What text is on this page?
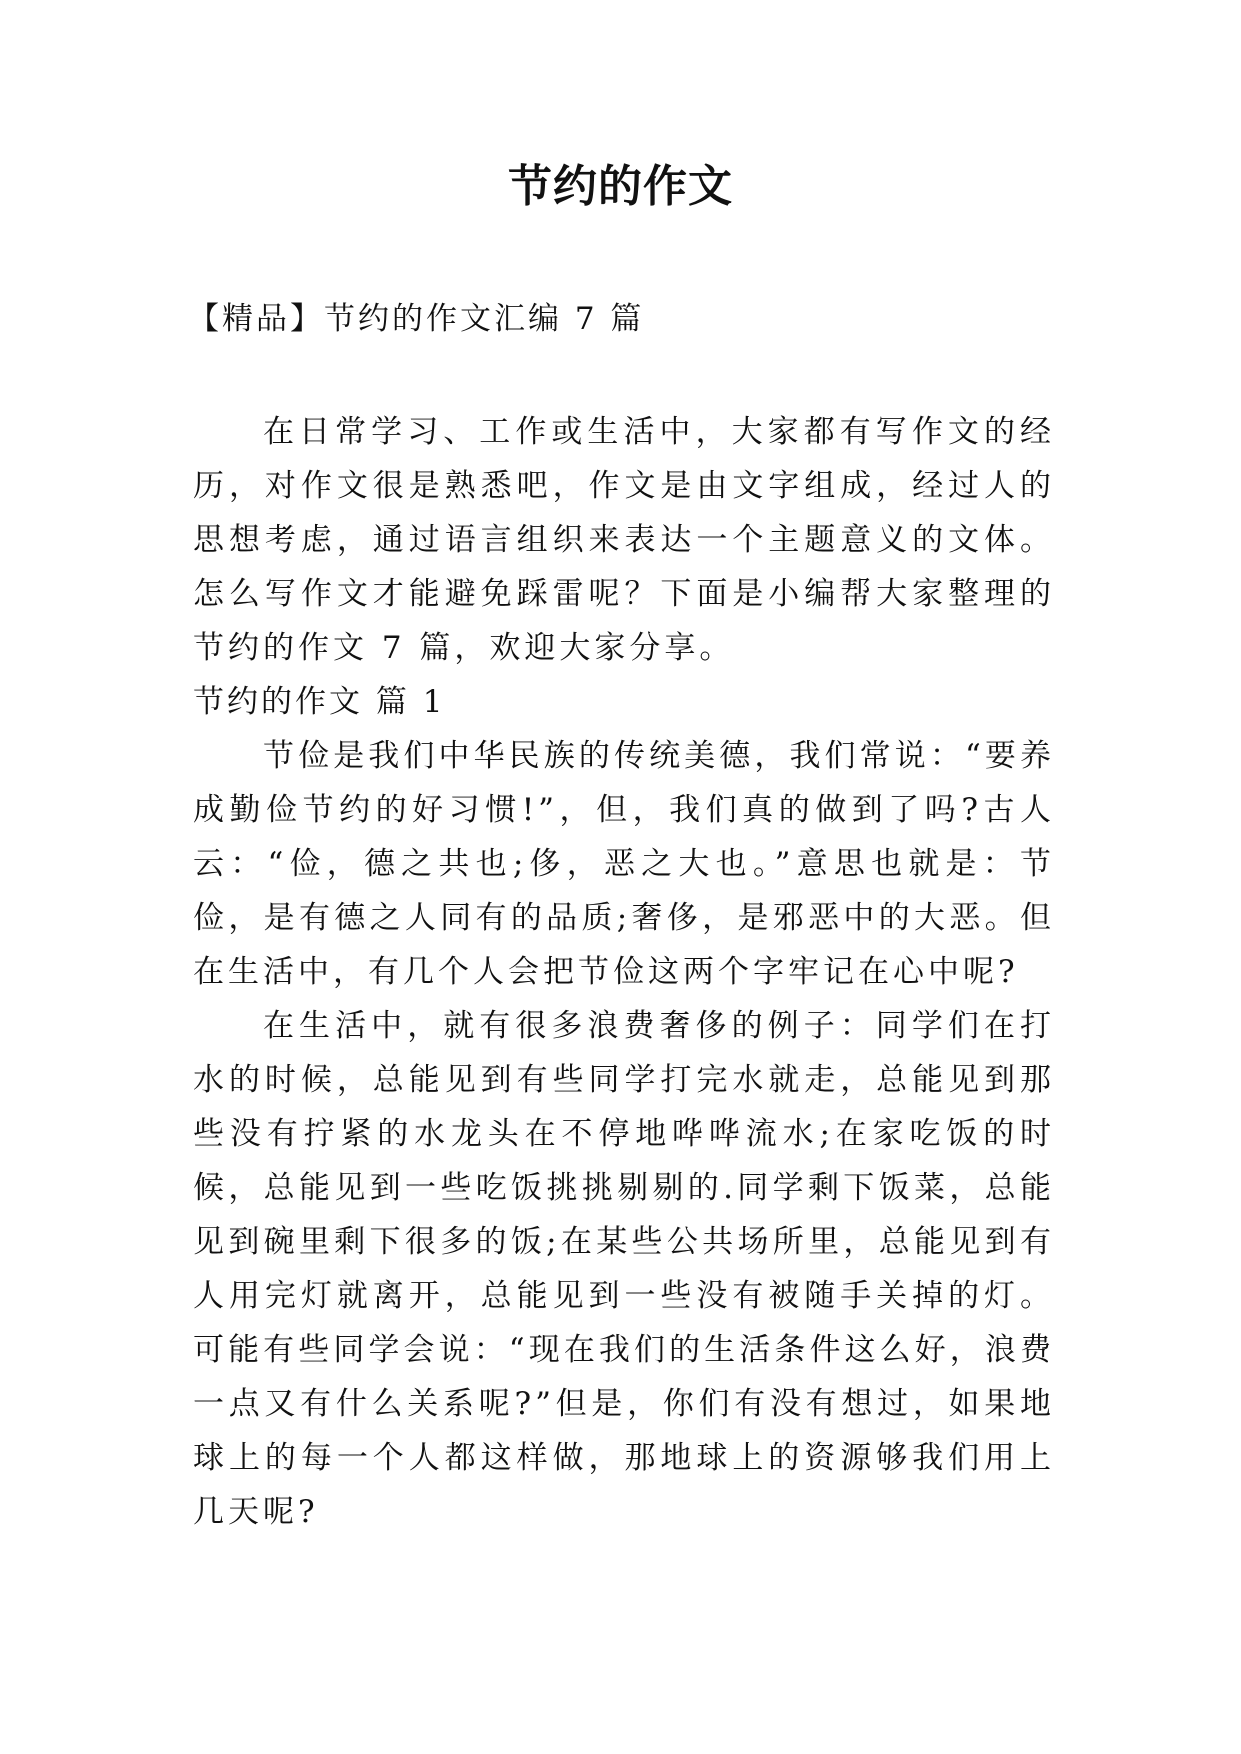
节约的作文
【精品】节约的作文汇编 7 篇

在日常学习、工作或生活中，大家都有写作文的经历，对作文很是熟悉吧，作文是由文字组成，经过人的思想考虑，通过语言组织来表达一个主题意义的文体。怎么写作文才能避免踩雷呢？下面是小编帮大家整理的节约的作文 7 篇，欢迎大家分享。

节约的作文 篇 1

节俭是我们中华民族的传统美德，我们常说：“要养成勤俭节约的好习惯!”，但，我们真的做到了吗?古人云：“俭，德之共也;侈，恶之大也。”意思也就是：节俭，是有德之人同有的品质;奢侈，是邪恶中的大恶。但在生活中，有几个人会把节俭这两个字牢记在心中呢?

在生活中，就有很多浪费奢侈的例子：同学们在打水的时候，总能见到有些同学打完水就走，总能见到那些没有拧紧的水龙头在不停地哗哗流水;在家吃饭的时候，总能见到一些吃饭挑挑剔剔的.同学剩下饭菜，总能见到碗里剩下很多的饭;在某些公共场所里，总能见到有人用完灯就离开，总能见到一些没有被随手关掉的灯。可能有些同学会说：“现在我们的生活条件这么好，浪费一点又有什么关系呢?”但是，你们有没有想过，如果地球上的每一个人都这样做，那地球上的资源够我们用上几天呢?
